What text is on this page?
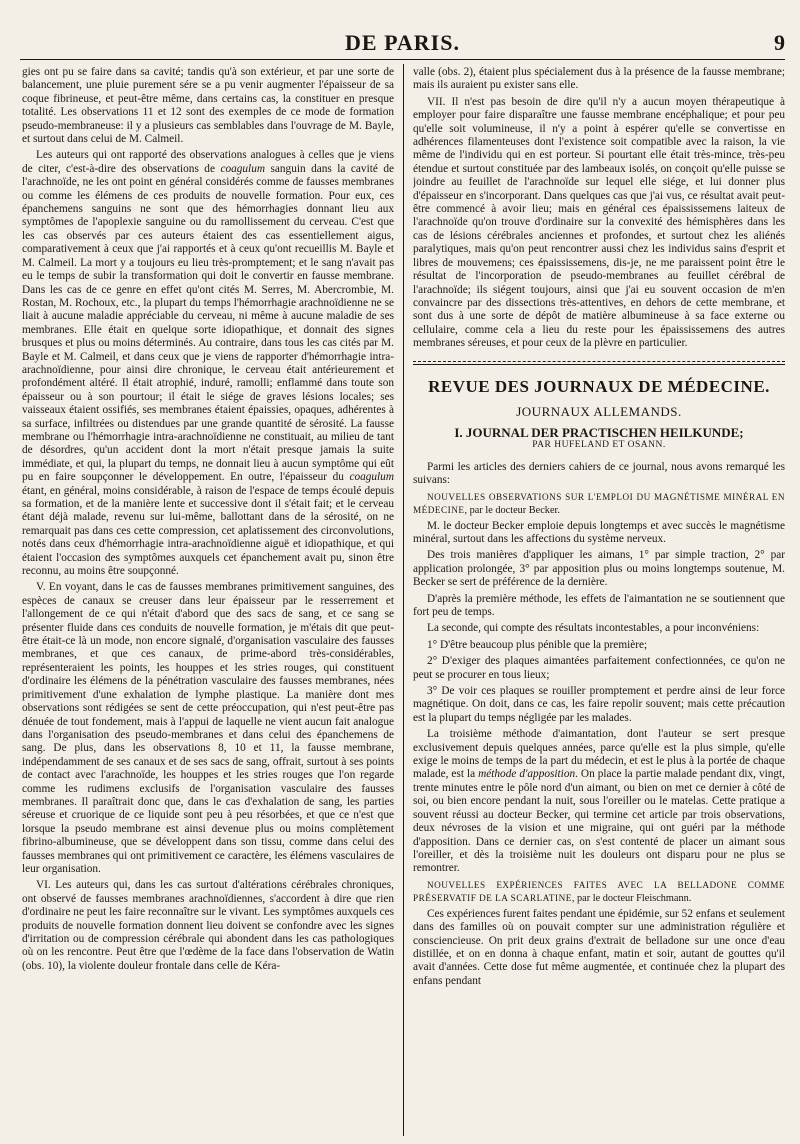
DE PARIS.	9

gies ont pu se faire dans sa cavité; tandis qu'à son extérieur, et par une sorte de balancement, une pluie purement sére se a pu venir augmenter l'épaisseur de sa coque fibrineuse, et peut-être même, dans certains cas, la constituer en presque totalité. Les observations 11 et 12 sont des exemples de ce mode de formation pseudo-membraneuse: il y a plusieurs cas semblables dans l'ouvrage de M. Bayle, et surtout dans celui de M. Calmeil.

Les auteurs qui ont rapporté des observations analogues à celles que je viens de citer, c'est-à-dire des observations de coagulum sanguin dans la cavité de l'arachnoïde, ne les ont point en général considérés comme de fausses membranes ou comme les élémens de ces produits de nouvelle formation. Pour eux, ces épanchemens sanguins ne sont que des hémorrhagies donnant lieu aux symptômes de l'apoplexie sanguine ou du ramollissement du cerveau. C'est que les cas observés par ces auteurs étaient des cas essentiellement aigus, comparativement à ceux que j'ai rapportés et à ceux qu'ont recueillis M. Bayle et M. Calmeil. La mort y a toujours eu lieu très-promptement; et le sang n'avait pas eu le temps de subir la transformation qui doit le convertir en fausse membrane. Dans les cas de ce genre en effet qu'ont cités M. Serres, M. Abercrombie, M. Rostan, M. Rochoux, etc., la plupart du temps l'hémorrhagie arachnoïdienne ne se liait à aucune maladie appréciable du cerveau, ni même à aucune maladie de ses membranes. Elle était en quelque sorte idiopathique, et donnait des signes brusques et plus ou moins déterminés. Au contraire, dans tous les cas cités par M. Bayle et M. Calmeil, et dans ceux que je viens de rapporter d'hémorrhagie intra-arachnoïdienne, pour ainsi dire chronique, le cerveau était antérieurement et profondément altéré. Il était atrophié, induré, ramolli; enflammé dans toute son épaisseur ou à son pourtour; il était le siége de graves lésions locales; ses vaisseaux étaient ossifiés, ses membranes étaient épaissies, opaques, adhérentes à sa surface, infiltrées ou distendues par une grande quantité de sérosité. La fausse membrane ou l'hémorrhagie intra-arachnoïdienne ne constituait, au milieu de tant de désordres, qu'un accident dont la mort n'était presque jamais la suite immédiate, et qui, la plupart du temps, ne donnait lieu à aucun symptôme qui eût pu en faire soupçonner le développement. En outre, l'épaisseur du coagulum étant, en général, moins considérable, à raison de l'espace de temps écoulé depuis sa formation, et de la manière lente et successive dont il s'était fait; et le cerveau étant déjà malade, revenu sur lui-même, ballottant dans de la sérosité, on ne remarquait pas dans ces cette compression, cet aplatissement des circonvolutions, notés dans ceux d'hémorrhagie intra-arachnoïdienne aiguë et idiopathique, et qui étaient l'occasion des symptômes auxquels cet épanchement avait pu, sinon être reconnu, au moins être soupçonné.

V. En voyant, dans le cas de fausses membranes primitivement sanguines, des espèces de canaux se creuser dans leur épaisseur par le resserrement et l'allongement de ce qui n'était d'abord que des sacs de sang, et ce sang se présenter fluide dans ces conduits de nouvelle formation, je m'étais dit que peut-être était-ce là un mode, non encore signalé, d'organisation vasculaire des fausses membranes, et que ces canaux, de prime-abord très-considérables, représenteraient les points, les houppes et les stries rouges, qui constituent d'ordinaire les élémens de la pénétration vasculaire des fausses membranes, nées primitivement d'une exhalation de lymphe plastique. La manière dont mes observations sont rédigées se sent de cette préoccupation, qui n'est peut-être pas dénuée de tout fondement, mais à l'appui de laquelle ne vient aucun fait analogue dans l'organisation des pseudo-membranes et dans celui des épanchemens de sang. De plus, dans les observations 8, 10 et 11, la fausse membrane, indépendamment de ses canaux et de ses sacs de sang, offrait, surtout à ses points de contact avec l'arachnoïde, les houppes et les stries rouges que l'on regarde comme les rudimens exclusifs de l'organisation vasculaire des fausses membranes. Il paraîtrait donc que, dans le cas d'exhalation de sang, les parties séreuse et cruorique de ce liquide sont peu à peu résorbées, et que ce n'est que lorsque la pseudo membrane est ainsi devenue plus ou moins complètement fibrino-albumineuse, que se développent dans son tissu, comme dans celui des fausses membranes qui ont primitivement ce caractère, les élémens vasculaires de leur organisation.

VI. Les auteurs qui, dans les cas surtout d'altérations cérébrales chroniques, ont observé de fausses membranes arachnoïdiennes, s'accordent à dire que rien d'ordinaire ne peut les faire reconnaître sur le vivant. Les symptômes auxquels ces produits de nouvelle formation donnent lieu doivent se confondre avec les signes d'irritation ou de compression cérébrale qui abondent dans les cas pathologiques où on les rencontre. Peut être que l'œdème de la face dans l'observation de Watin (obs. 10), la violente douleur frontale dans celle de Kéra-

valle (obs. 2), étaient plus spécialement dus à la présence de la fausse membrane; mais ils auraient pu exister sans elle.

VII. Il n'est pas besoin de dire qu'il n'y a aucun moyen thérapeutique à employer pour faire disparaître une fausse membrane encéphalique; et pour peu qu'elle soit volumineuse, il n'y a point à espérer qu'elle se convertisse en adhérences filamenteuses dont l'existence soit compatible avec la raison, la vie même de l'individu qui en est porteur. Si pourtant elle était très-mince, très-peu étendue et surtout constituée par des lambeaux isolés, on conçoit qu'elle puisse se joindre au feuillet de l'arachnoïde sur lequel elle siége, et lui donner plus d'épaisseur en s'incorporant. Dans quelques cas que j'ai vus, ce résultat avait peut-être commencé à avoir lieu; mais en général ces épaississemens laiteux de l'arachnoïde qu'on trouve d'ordinaire sur la convexité des hémisphères dans les cas de lésions cérébrales anciennes et profondes, et surtout chez les aliénés paralytiques, mais qu'on peut rencontrer aussi chez les individus sains d'esprit et libres de mouvemens; ces épaississemens, dis-je, ne me paraissent point être le résultat de l'incorporation de pseudo-membranes au feuillet cérébral de l'arachnoïde; ils siégent toujours, ainsi que j'ai eu souvent occasion de m'en convaincre par des dissections très-attentives, en dehors de cette membrane, et sont dus à une sorte de dépôt de matière albumineuse à sa face externe ou cellulaire, comme cela a lieu du reste pour les épaississemens des autres membranes séreuses, et pour ceux de la plèvre en particulier.

REVUE DES JOURNAUX DE MÉDECINE.
JOURNAUX ALLEMANDS.
I. JOURNAL DER PRACTISCHEN HEILKUNDE;
PAR HUFELAND ET OSANN.

Parmi les articles des derniers cahiers de ce journal, nous avons remarqué les suivans:

NOUVELLES OBSERVATIONS SUR L'EMPLOI DU MAGNÉTISME MINÉRAL EN MÉDECINE, par le docteur Becker.

M. le docteur Becker emploie depuis longtemps et avec succès le magnétisme minéral, surtout dans les affections du système nerveux.

Des trois manières d'appliquer les aimans, 1° par simple traction, 2° par application prolongée, 3° par apposition plus ou moins longtemps soutenue, M. Becker se sert de préférence de la dernière.

D'après la première méthode, les effets de l'aimantation ne se soutiennent que fort peu de temps.

La seconde, qui compte des résultats incontestables, a pour inconvéniens:

1° D'être beaucoup plus pénible que la première;

2° D'exiger des plaques aimantées parfaitement confectionnées, ce qu'on ne peut se procurer en tous lieux;

3° De voir ces plaques se rouiller promptement et perdre ainsi de leur force magnétique. On doit, dans ce cas, les faire repolir souvent; mais cette précaution est la plupart du temps négligée par les malades.

La troisième méthode d'aimantation, dont l'auteur se sert presque exclusivement depuis quelques années, parce qu'elle est la plus simple, qu'elle exige le moins de temps de la part du médecin, et est le plus à la portée de chaque malade, est la méthode d'apposition. On place la partie malade pendant dix, vingt, trente minutes entre le pôle nord d'un aimant, ou bien on met ce dernier à côté de soi, ou bien encore pendant la nuit, sous l'oreiller ou le matelas. Cette pratique a souvent réussi au docteur Becker, qui termine cet article par trois observations, deux névroses de la vision et une migraine, qui ont guéri par la méthode d'apposition. Dans ce dernier cas, on s'est contenté de placer un aimant sous l'oreiller, et dès la troisième nuit les douleurs ont disparu pour ne plus se remontrer.

NOUVELLES EXPÉRIENCES FAITES AVEC LA BELLADONE COMME PRÉSERVATIF DE LA SCARLATINE, par le docteur Fleischmann.

Ces expériences furent faites pendant une épidémie, sur 52 enfans et seulement dans des familles où on pouvait compter sur une administration régulière et consciencieuse. On prit deux grains d'extrait de belladone sur une once d'eau distillée, et on en donna à chaque enfant, matin et soir, autant de gouttes qu'il avait d'années. Cette dose fut même augmentée, et continuée chez la plupart des enfans pendant
